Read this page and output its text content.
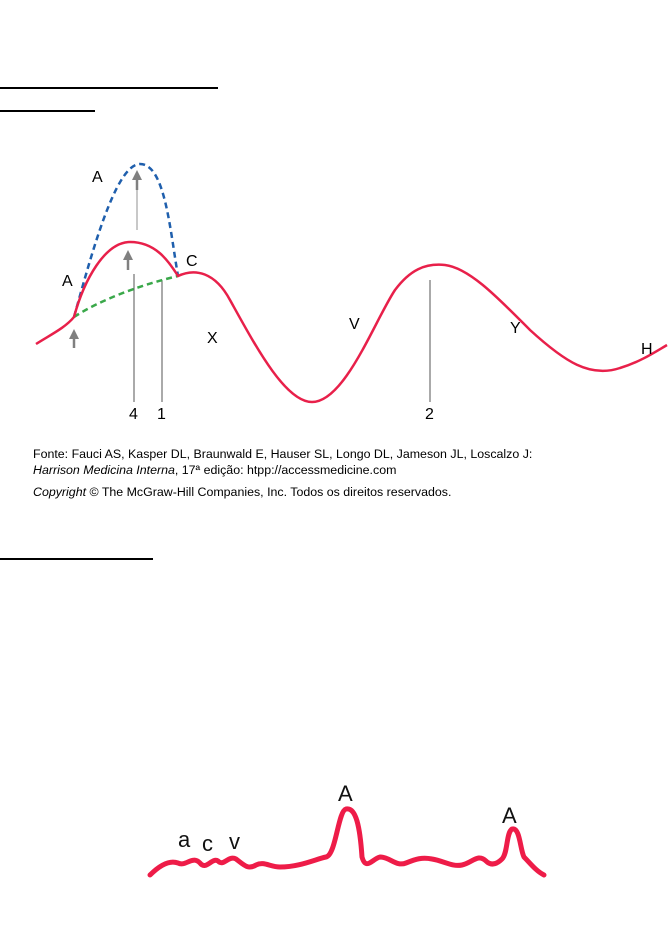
A
A
C
X
V	Y
H
4 1	2
Fonte: Fauci AS, Kasper DL, Braunwald E, Hauser SL, Longo DL, Jameson JL, Loscalzo J:
Harrison Medicina Interna, 17ª edição: htpp://accessmedicine.com
Copyright © The McGraw-Hill Companies, Inc. Todos os direitos reservados.
a c v
A
A
